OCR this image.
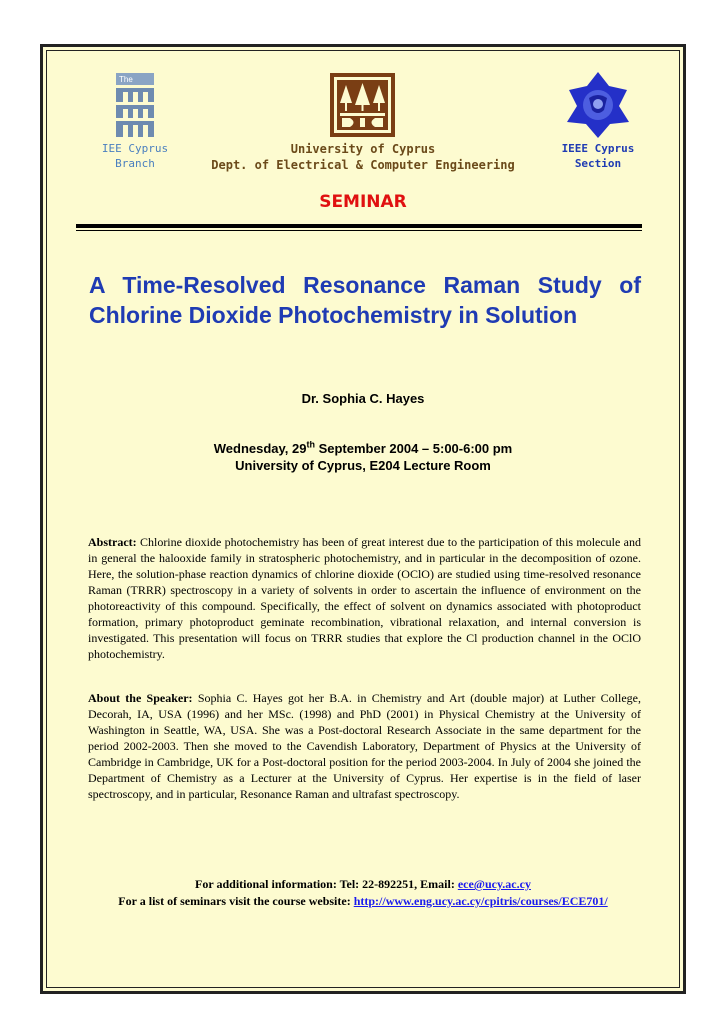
The
IEE Cyprus
Branch
University of Cyprus
Dept. of Electrical & Computer Engineering
IEEE Cyprus
Section
SEMINAR
A Time-Resolved Resonance Raman Study of Chlorine Dioxide Photochemistry in Solution
Dr. Sophia C. Hayes
Wednesday, 29th September 2004 – 5:00-6:00 pm
University of Cyprus, E204 Lecture Room
Abstract: Chlorine dioxide photochemistry has been of great interest due to the participation of this molecule and in general the halooxide family in stratospheric photochemistry, and in particular in the decomposition of ozone. Here, the solution-phase reaction dynamics of chlorine dioxide (OClO) are studied using time-resolved resonance Raman (TRRR) spectroscopy in a variety of solvents in order to ascertain the influence of environment on the photoreactivity of this compound. Specifically, the effect of solvent on dynamics associated with photoproduct formation, primary photoproduct geminate recombination, vibrational relaxation, and internal conversion is investigated. This presentation will focus on TRRR studies that explore the Cl production channel in the OClO photochemistry.
About the Speaker: Sophia C. Hayes got her B.A. in Chemistry and Art (double major) at Luther College, Decorah, IA, USA (1996) and her MSc. (1998) and PhD (2001) in Physical Chemistry at the University of Washington in Seattle, WA, USA. She was a Post-doctoral Research Associate in the same department for the period 2002-2003. Then she moved to the Cavendish Laboratory, Department of Physics at the University of Cambridge in Cambridge, UK for a Post-doctoral position for the period 2003-2004. In July of 2004 she joined the Department of Chemistry as a Lecturer at the University of Cyprus. Her expertise is in the field of laser spectroscopy, and in particular, Resonance Raman and ultrafast spectroscopy.
For additional information: Tel: 22-892251, Email: ece@ucy.ac.cy
For a list of seminars visit the course website: http://www.eng.ucy.ac.cy/cpitris/courses/ECE701/
